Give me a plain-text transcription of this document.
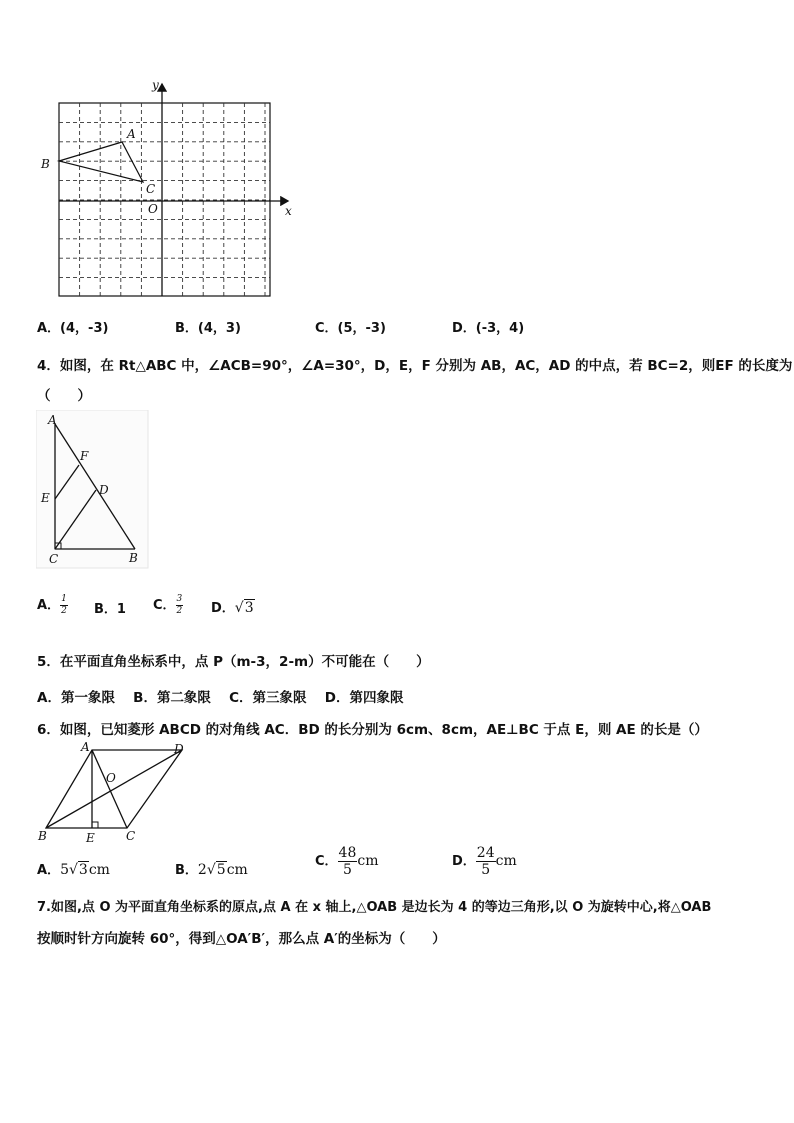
y
x
O
A
B
C
A．(4，-3)	B．(4，3)	C．(5，-3)	D．(-3，4)
4．如图，在 Rt△ABC 中，∠ACB=90°，∠A=30°，D，E，F 分别为 AB，AC，AD 的中点，若 BC=2，则EF 的长度为
（　　）
A
F
E
D
C	B
A． $\frac{1}{2}$ B．1 C． $\frac{3}{2}$ D．√3
5．在平面直角坐标系中，点 P（m-3，2-m）不可能在（　　）
A．第一象限　 B．第二象限　 C．第三象限　 D．第四象限
6．如图，已知菱形 ABCD 的对角线 AC．BD 的长分别为 6cm、8cm，AE⊥BC 于点 E，则 AE 的长是（）
A	D
O
B	E	C
A．5√3cm	B．2√5cm
C． $\frac{48}{5}$ cm	D． $\frac{24}{5}$ cm
7.如图,点 O 为平面直角坐标系的原点,点 A 在 x 轴上,△OAB 是边长为 4 的等边三角形,以 O 为旋转中心,将△OAB
按顺时针方向旋转 60°，得到△OA′B′，那么点 A′的坐标为（　　）
